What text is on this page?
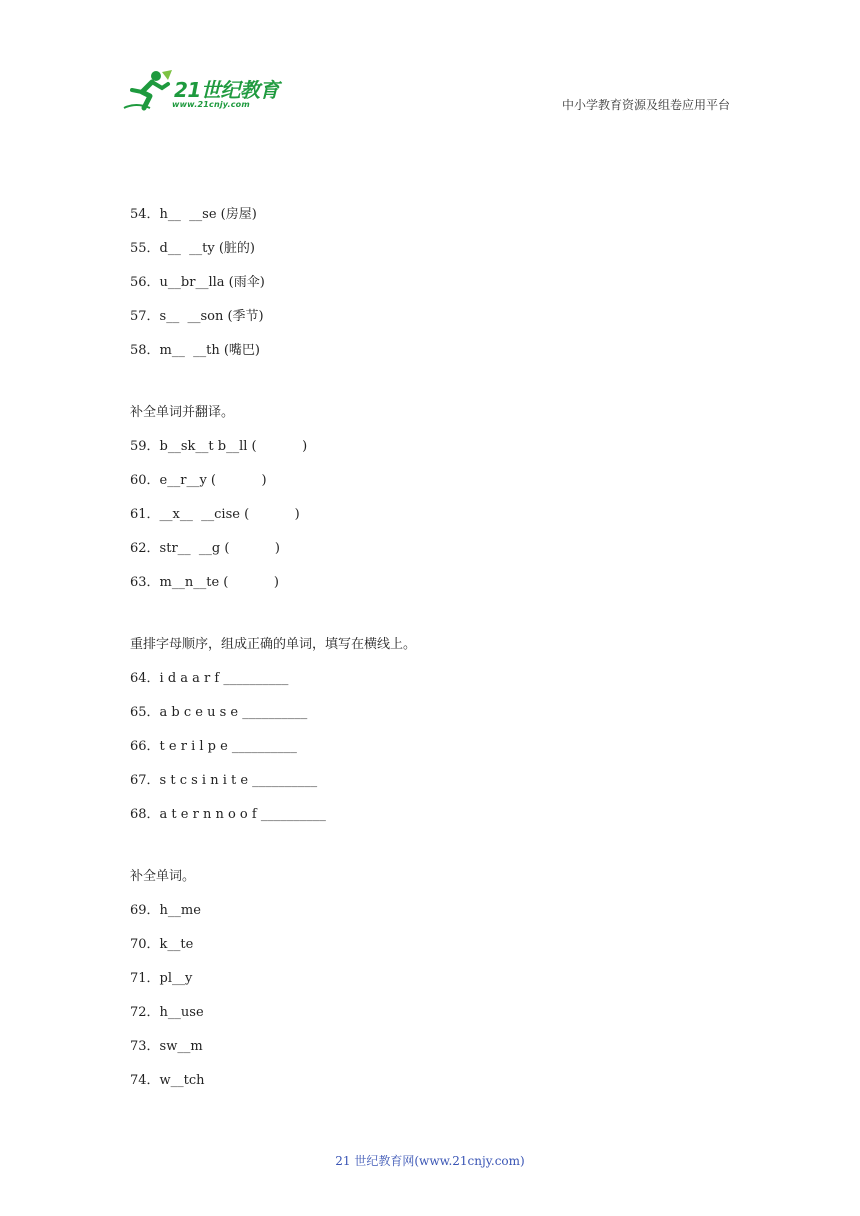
21世纪教育
www.21cnjy.com	中小学教育资源及组卷应用平台
54．h__  __se (房屋)
55．d__  __ty (脏的)
56．u__br__lla (雨伞)
57．s__  __son (季节)
58．m__  __th (嘴巴)
补全单词并翻译。
59．b__sk__t b__ll (           )
60．e__r__y (           )
61．__x__  __cise (           )
62．str__  __g (           )
63．m__n__te (           )
重排字母顺序，组成正确的单词，填写在横线上。
64．i d a a r f __________
65．a b c e u s e __________
66．t e r i l p e __________
67．s t c s i n i t e __________
68．a t e r n n o o f __________
补全单词。
69．h__me
70．k__te
71．pl__y
72．h__use
73．sw__m
74．w__tch
21 世纪教育网(www.21cnjy.com)
